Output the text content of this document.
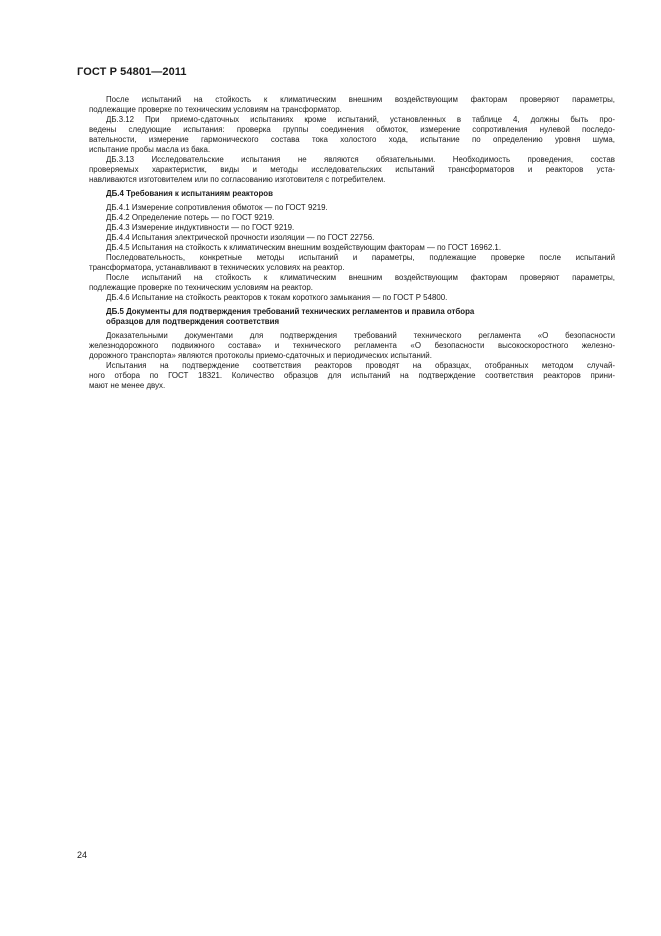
ГОСТ Р 54801—2011
После испытаний на стойкость к климатическим внешним воздействующим факторам проверяют параметры,
подлежащие проверке по техническим условиям на трансформатор.
ДБ.3.12 При приемо-сдаточных испытаниях кроме испытаний, установленных в таблице 4, должны быть про-
ведены следующие испытания: проверка группы соединения обмоток, измерение сопротивления нулевой последо-
вательности, измерение гармонического состава тока холостого хода, испытание по определению уровня шума,
испытание пробы масла из бака.
ДБ.3.13 Исследовательские испытания не являются обязательными. Необходимость проведения, состав
проверяемых характеристик, виды и методы исследовательских испытаний трансформаторов и реакторов уста-
навливаются изготовителем или по согласованию изготовителя с потребителем.
ДБ.4 Требования к испытаниям реакторов
ДБ.4.1 Измерение сопротивления обмоток — по ГОСТ 9219.
ДБ.4.2 Определение потерь — по ГОСТ 9219.
ДБ.4.3 Измерение индуктивности — по ГОСТ 9219.
ДБ.4.4 Испытания электрической прочности изоляции — по ГОСТ 22756.
ДБ.4.5 Испытания на стойкость к климатическим внешним воздействующим факторам — по ГОСТ 16962.1.
Последовательность, конкретные методы испытаний и параметры, подлежащие проверке после испытаний
трансформатора, устанавливают в технических условиях на реактор.
После испытаний на стойкость к климатическим внешним воздействующим факторам проверяют параметры,
подлежащие проверке по техническим условиям на реактор.
ДБ.4.6 Испытание на стойкость реакторов к токам короткого замыкания — по ГОСТ Р 54800.
ДБ.5 Документы для подтверждения требований технических регламентов и правила отбора
образцов для подтверждения соответствия
Доказательными документами для подтверждения требований технического регламента «О безопасности
железнодорожного подвижного состава» и технического регламента «О безопасности высокоскоростного железно-
дорожного транспорта» являются протоколы приемо-сдаточных и периодических испытаний.
Испытания на подтверждение соответствия реакторов проводят на образцах, отобранных методом случай-
ного отбора по ГОСТ 18321. Количество образцов для испытаний на подтверждение соответствия реакторов прини-
мают не менее двух.
24
